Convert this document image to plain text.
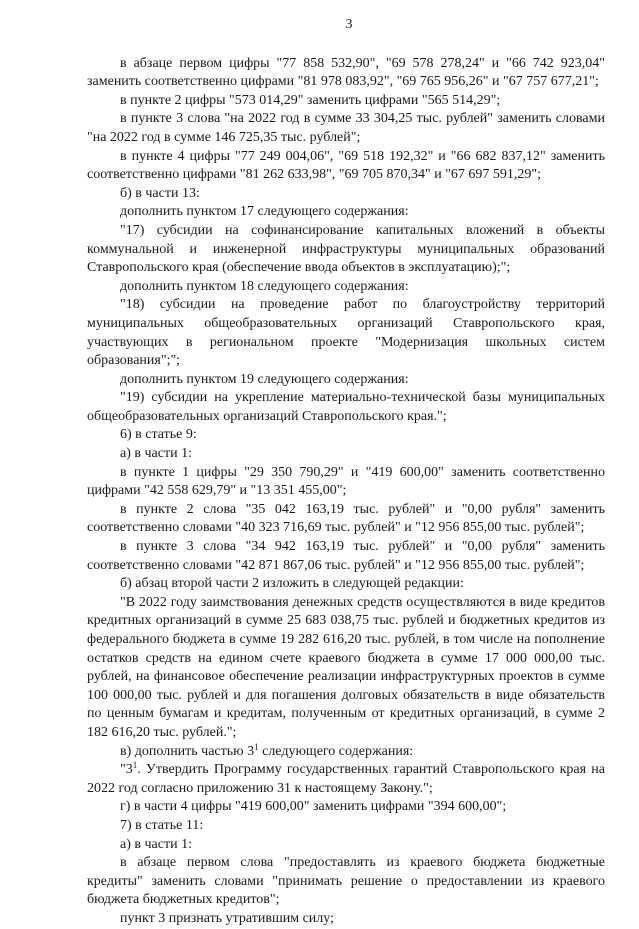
3

в абзаце первом цифры "77 858 532,90", "69 578 278,24" и "66 742 923,04" заменить соответственно цифрами "81 978 083,92", "69 765 956,26" и "67 757 677,21";

в пункте 2 цифры "573 014,29" заменить цифрами "565 514,29";

в пункте 3 слова "на 2022 год в сумме 33 304,25 тыс. рублей" заменить словами "на 2022 год в сумме 146 725,35 тыс. рублей";

в пункте 4 цифры "77 249 004,06", "69 518 192,32" и "66 682 837,12" заменить соответственно цифрами "81 262 633,98", "69 705 870,34" и "67 697 591,29";

б) в части 13:

дополнить пунктом 17 следующего содержания:

"17) субсидии на софинансирование капитальных вложений в объекты коммунальной и инженерной инфраструктуры муниципальных образований Ставропольского края (обеспечение ввода объектов в эксплуатацию);";

дополнить пунктом 18 следующего содержания:

"18) субсидии на проведение работ по благоустройству территорий муниципальных общеобразовательных организаций Ставропольского края, участвующих в региональном проекте "Модернизация школьных систем образования";";

дополнить пунктом 19 следующего содержания:

"19) субсидии на укрепление материально-технической базы муниципальных общеобразовательных организаций Ставропольского края.";

6) в статье 9:

а) в части 1:

в пункте 1 цифры "29 350 790,29" и "419 600,00" заменить соответственно цифрами "42 558 629,79" и "13 351 455,00";

в пункте 2 слова "35 042 163,19 тыс. рублей" и "0,00 рубля" заменить соответственно словами "40 323 716,69 тыс. рублей" и "12 956 855,00 тыс. рублей";

в пункте 3 слова "34 942 163,19 тыс. рублей" и "0,00 рубля" заменить соответственно словами "42 871 867,06 тыс. рублей" и "12 956 855,00 тыс. рублей";

б) абзац второй части 2 изложить в следующей редакции:

"В 2022 году заимствования денежных средств осуществляются в виде кредитов кредитных организаций в сумме 25 683 038,75 тыс. рублей и бюджетных кредитов из федерального бюджета в сумме 19 282 616,20 тыс. рублей, в том числе на пополнение остатков средств на едином счете краевого бюджета в сумме 17 000 000,00 тыс. рублей, на финансовое обеспечение реализации инфраструктурных проектов в сумме 100 000,00 тыс. рублей и для погашения долговых обязательств в виде обязательств по ценным бумагам и кредитам, полученным от кредитных организаций, в сумме 2 182 616,20 тыс. рублей.";

в) дополнить частью $3^1$ следующего содержания:

"$3^1$. Утвердить Программу государственных гарантий Ставропольского края на 2022 год согласно приложению 31 к настоящему Закону.";

г) в части 4 цифры "419 600,00" заменить цифрами "394 600,00";

7) в статье 11:

а) в части 1:

в абзаце первом слова "предоставлять из краевого бюджета бюджетные кредиты" заменить словами "принимать решение о предоставлении из краевого бюджета бюджетных кредитов";

пункт 3 признать утратившим силу;
